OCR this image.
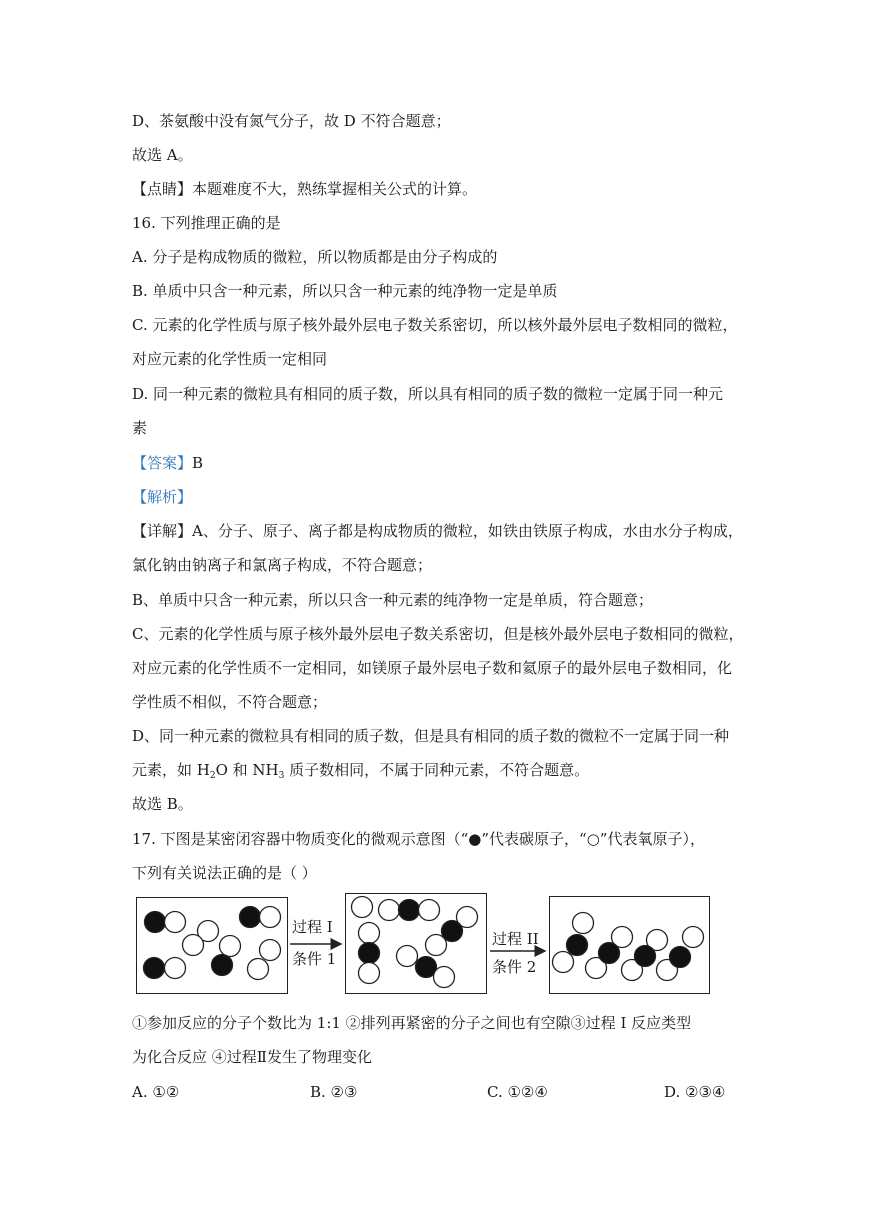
D、茶氨酸中没有氮气分子，故 D 不符合题意；
故选 A。
【点睛】本题难度不大，熟练掌握相关公式的计算。
16. 下列推理正确的是
A. 分子是构成物质的微粒，所以物质都是由分子构成的
B. 单质中只含一种元素，所以只含一种元素的纯净物一定是单质
C. 元素的化学性质与原子核外最外层电子数关系密切，所以核外最外层电子数相同的微粒，
对应元素的化学性质一定相同
D. 同一种元素的微粒具有相同的质子数，所以具有相同的质子数的微粒一定属于同一种元
素
【答案】B
【解析】
【详解】A、分子、原子、离子都是构成物质的微粒，如铁由铁原子构成，水由水分子构成，
氯化钠由钠离子和氯离子构成，不符合题意；
B、单质中只含一种元素，所以只含一种元素的纯净物一定是单质，符合题意；
C、元素的化学性质与原子核外最外层电子数关系密切，但是核外最外层电子数相同的微粒，
对应元素的化学性质不一定相同，如镁原子最外层电子数和氦原子的最外层电子数相同，化
学性质不相似，不符合题意；
D、同一种元素的微粒具有相同的质子数，但是具有相同的质子数的微粒不一定属于同一种
元素，如 $H_2O$ 和 $NH_3$ 质子数相同，不属于同种元素，不符合题意。
故选 B。
17. 下图是某密闭容器中物质变化的微观示意图（“●”代表碳原子，“○”代表氧原子），
下列有关说法正确的是（ ）
过程 I
条件 1
过程 II
条件 2
①参加反应的分子个数比为 1:1 ②排列再紧密的分子之间也有空隙③过程 I 反应类型
为化合反应 ④过程Ⅱ发生了物理变化
A. ①②	B. ②③	C. ①②④	D. ②③④
